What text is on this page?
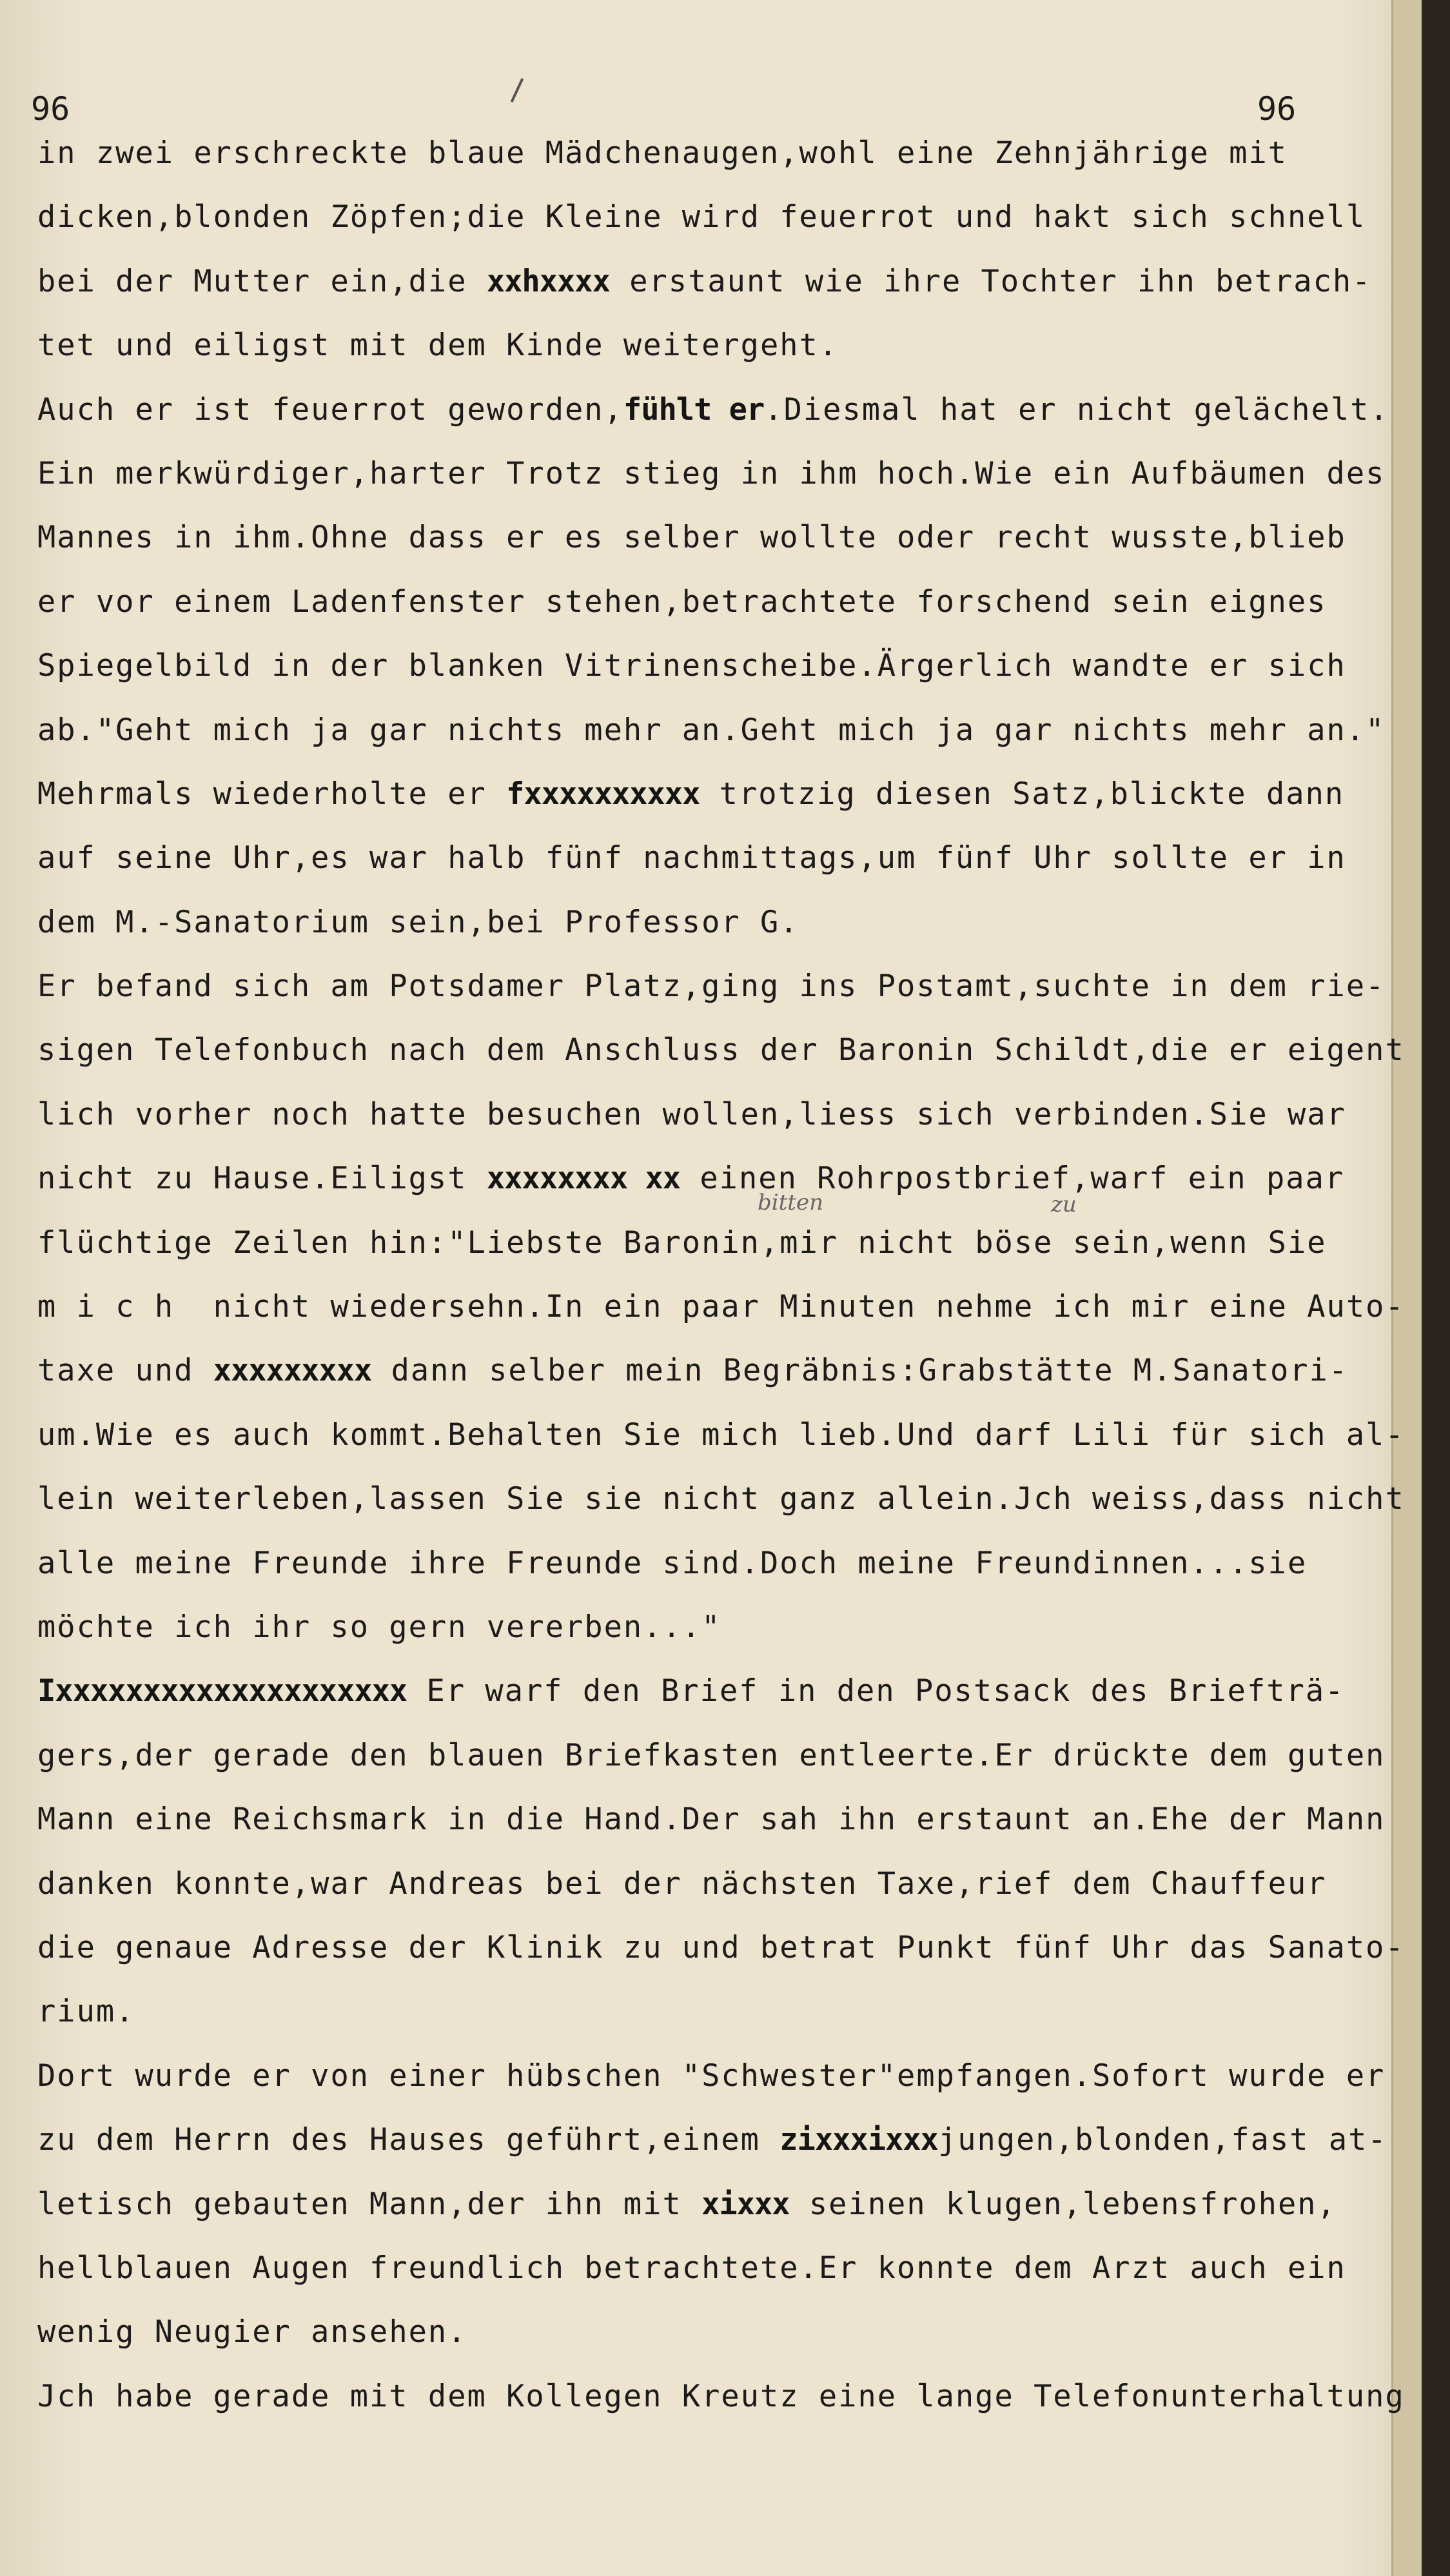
96	96
bitten	zu
in zwei erschreckte blaue Mädchenaugen,wohl eine Zehnjährige mit
dicken,blonden Zöpfen;die Kleine wird feuerrot und hakt sich schnell
bei der Mutter ein,die xxhxxxx erstaunt wie ihre Tochter ihn betrach-
tet und eiligst mit dem Kinde weitergeht.
Auch er ist feuerrot geworden,fühlt er.Diesmal hat er nicht gelächelt.
Ein merkwürdiger,harter Trotz stieg in ihm hoch.Wie ein Aufbäumen des
Mannes in ihm.Ohne dass er es selber wollte oder recht wusste,blieb
er vor einem Ladenfenster stehen,betrachtete forschend sein eignes
Spiegelbild in der blanken Vitrinenscheibe.Ärgerlich wandte er sich
ab."Geht mich ja gar nichts mehr an.Geht mich ja gar nichts mehr an."
Mehrmals wiederholte er fxxxxxxxxxx trotzig diesen Satz,blickte dann
auf seine Uhr,es war halb fünf nachmittags,um fünf Uhr sollte er in
dem M.-Sanatorium sein,bei Professor G.
Er befand sich am Potsdamer Platz,ging ins Postamt,suchte in dem rie-
sigen Telefonbuch nach dem Anschluss der Baronin Schildt,die er eigent
lich vorher noch hatte besuchen wollen,liess sich verbinden.Sie war
nicht zu Hause.Eiligst
xxxxxxxx xx einen Rohrpostbrief,warf ein paar
flüchtige Zeilen hin:"Liebste Baronin,mir nicht böse sein,wenn Sie
m i c h  nicht wiedersehn.In ein paar Minuten nehme ich mir eine Auto-
taxe und
xxxxxxxxx dann selber mein Begräbnis:Grabstätte M.Sanatori-
um.Wie es auch kommt.Behalten Sie mich lieb.Und darf Lili für sich al-
lein weiterleben,lassen Sie sie nicht ganz allein.Jch weiss,dass nicht
alle meine Freunde ihre Freunde sind.Doch meine Freundinnen...sie
möchte ich ihr so gern vererben..."
Ixxxxxxxxxxxxxxxxxxxx Er warf den Brief in den Postsack des Briefträ-
gers,der gerade den blauen Briefkasten entleerte.Er drückte dem guten
Mann eine Reichsmark in die Hand.Der sah ihn erstaunt an.Ehe der Mann
danken konnte,war Andreas bei der nächsten Taxe,rief dem Chauffeur
die genaue Adresse der Klinik zu und betrat Punkt fünf Uhr das Sanato-
rium.
Dort wurde er von einer hübschen "Schwester"empfangen.Sofort wurde er
zu dem Herrn des Hauses geführt,einem zixxxixxxjungen,blonden,fast at-
letisch gebauten Mann,der ihn mit xixxx seinen klugen,lebensfrohen,
hellblauen Augen freundlich betrachtete.Er konnte dem Arzt auch ein
wenig Neugier ansehen.
Jch habe gerade mit dem Kollegen Kreutz eine lange Telefonunterhaltung
